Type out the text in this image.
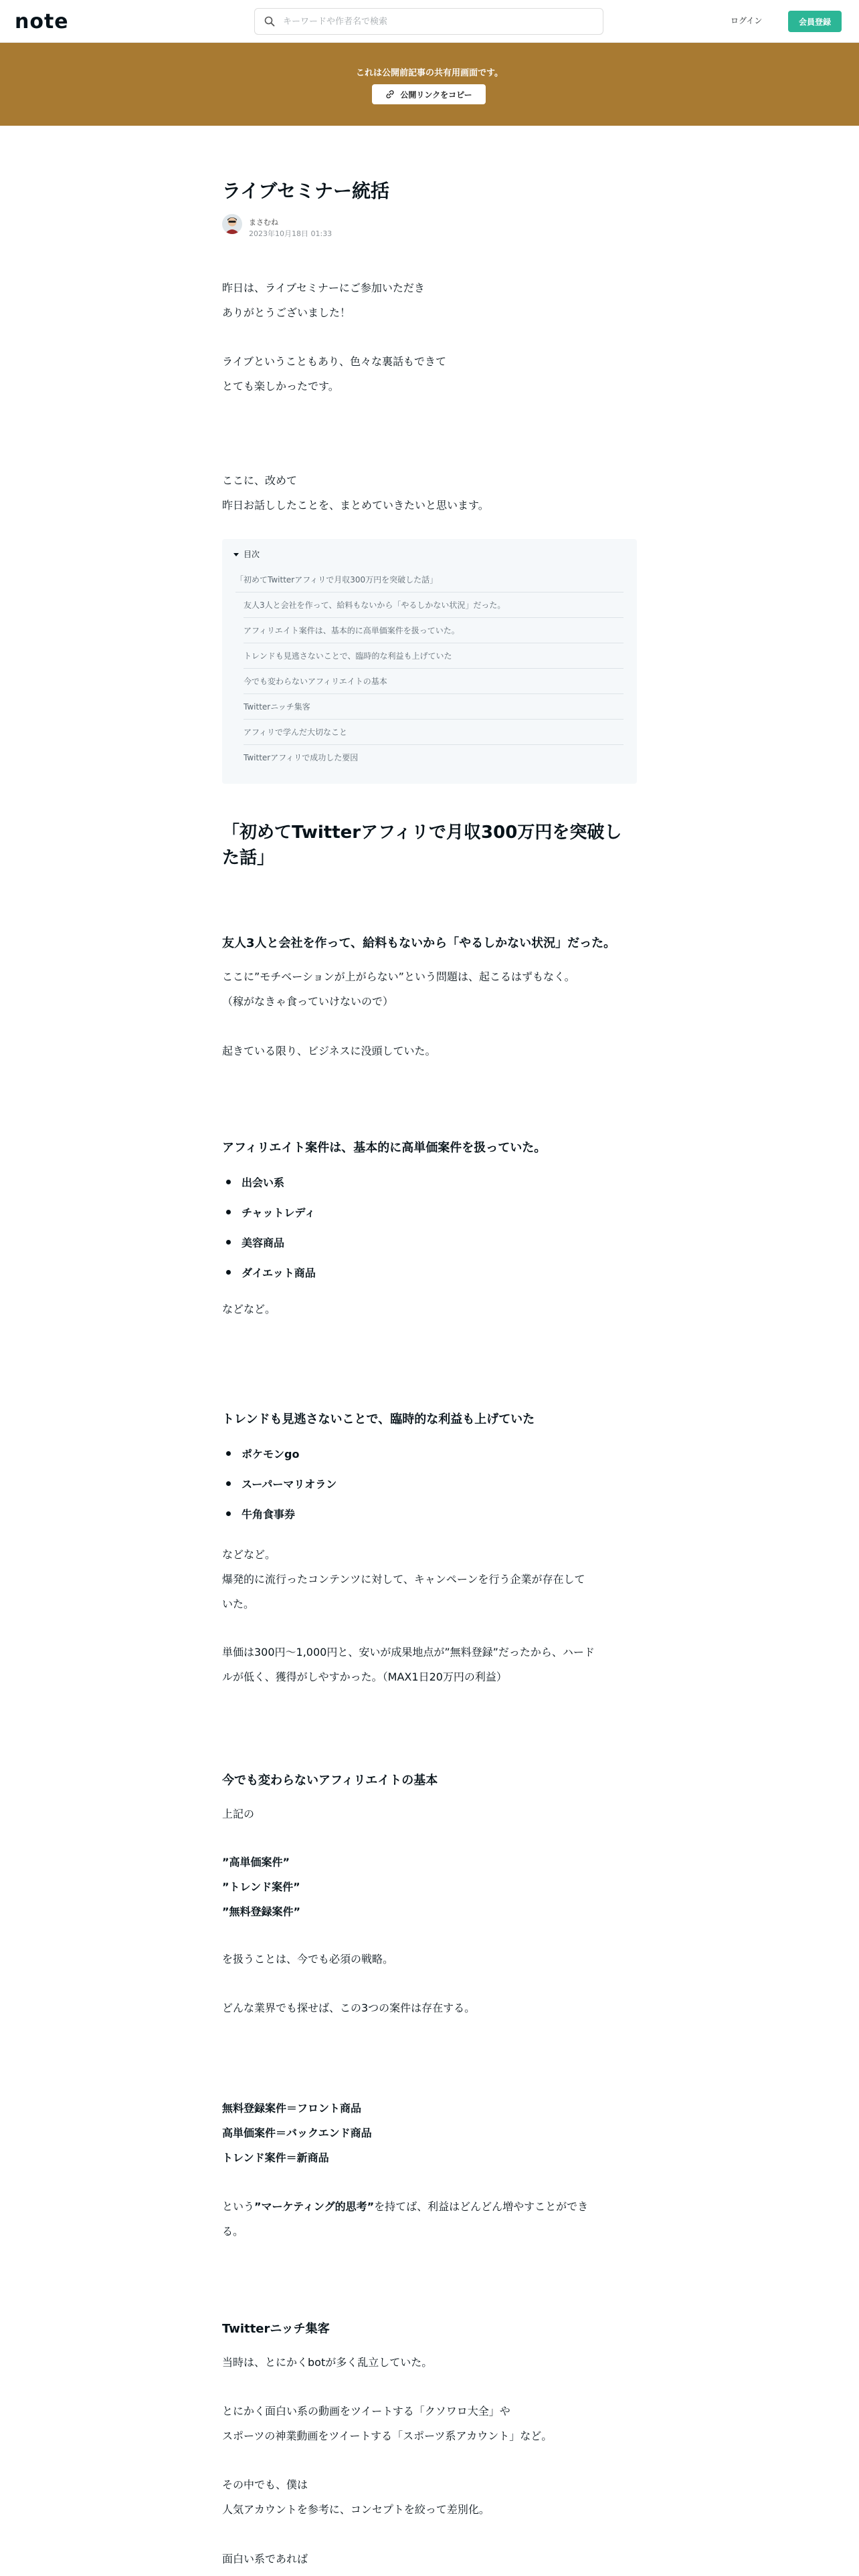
note
キーワードや作者名で検索	ログイン	会員登録
これは公開前記事の共有用画面です。
公開リンクをコピー
ライブセミナー統括
まさむね
2023年10月18日 01:33

昨日は、ライブセミナーにご参加いただき

ありがとうございました！

ライブということもあり、色々な裏話もできて

とても楽しかったです。

ここに、改めて

昨日お話ししたことを、まとめていきたいと思います。

目次
「初めてTwitterアフィリで月収300万円を突破した話」
友人3人と会社を作って、給料もないから「やるしかない状況」だった。
アフィリエイト案件は、基本的に高単価案件を扱っていた。
トレンドも見逃さないことで、臨時的な利益も上げていた
今でも変わらないアフィリエイトの基本
Twitterニッチ集客
アフィリで学んだ大切なこと
Twitterアフィリで成功した要因
「初めてTwitterアフィリで月収300万円を突破し
た話」
友人3人と会社を作って、給料もないから「やるしかない状況」だった。

ここに”モチベーションが上がらない”という問題は、起こるはずもなく。

（稼がなきゃ食っていけないので）

起きている限り、ビジネスに没頭していた。

アフィリエイト案件は、基本的に高単価案件を扱っていた。
出会い系
チャットレディ
美容商品
ダイエット商品

などなど。

トレンドも見逃さないことで、臨時的な利益も上げていた
ポケモンgo
スーパーマリオラン
牛角食事券

などなど。

爆発的に流行ったコンテンツに対して、キャンペーンを行う企業が存在して

いた。

単価は300円〜1,000円と、安いが成果地点が”無料登録”だったから、ハード

ルが低く、獲得がしやすかった。（MAX1日20万円の利益）

今でも変わらないアフィリエイトの基本

上記の

”高単価案件”

”トレンド案件”

”無料登録案件”

を扱うことは、今でも必須の戦略。

どんな業界でも探せば、この3つの案件は存在する。

無料登録案件＝フロント商品

高単価案件＝バックエンド商品

トレンド案件＝新商品

という”マーケティング的思考”を持てば、利益はどんどん増やすことができ

る。

Twitterニッチ集客

当時は、とにかくbotが多く乱立していた。

とにかく面白い系の動画をツイートする「クソワロ大全」や

スポーツの神業動画をツイートする「スポーツ系アカウント」など。

その中でも、僕は

人気アカウントを参考に、コンセプトを絞って差別化。

面白い系であれば
